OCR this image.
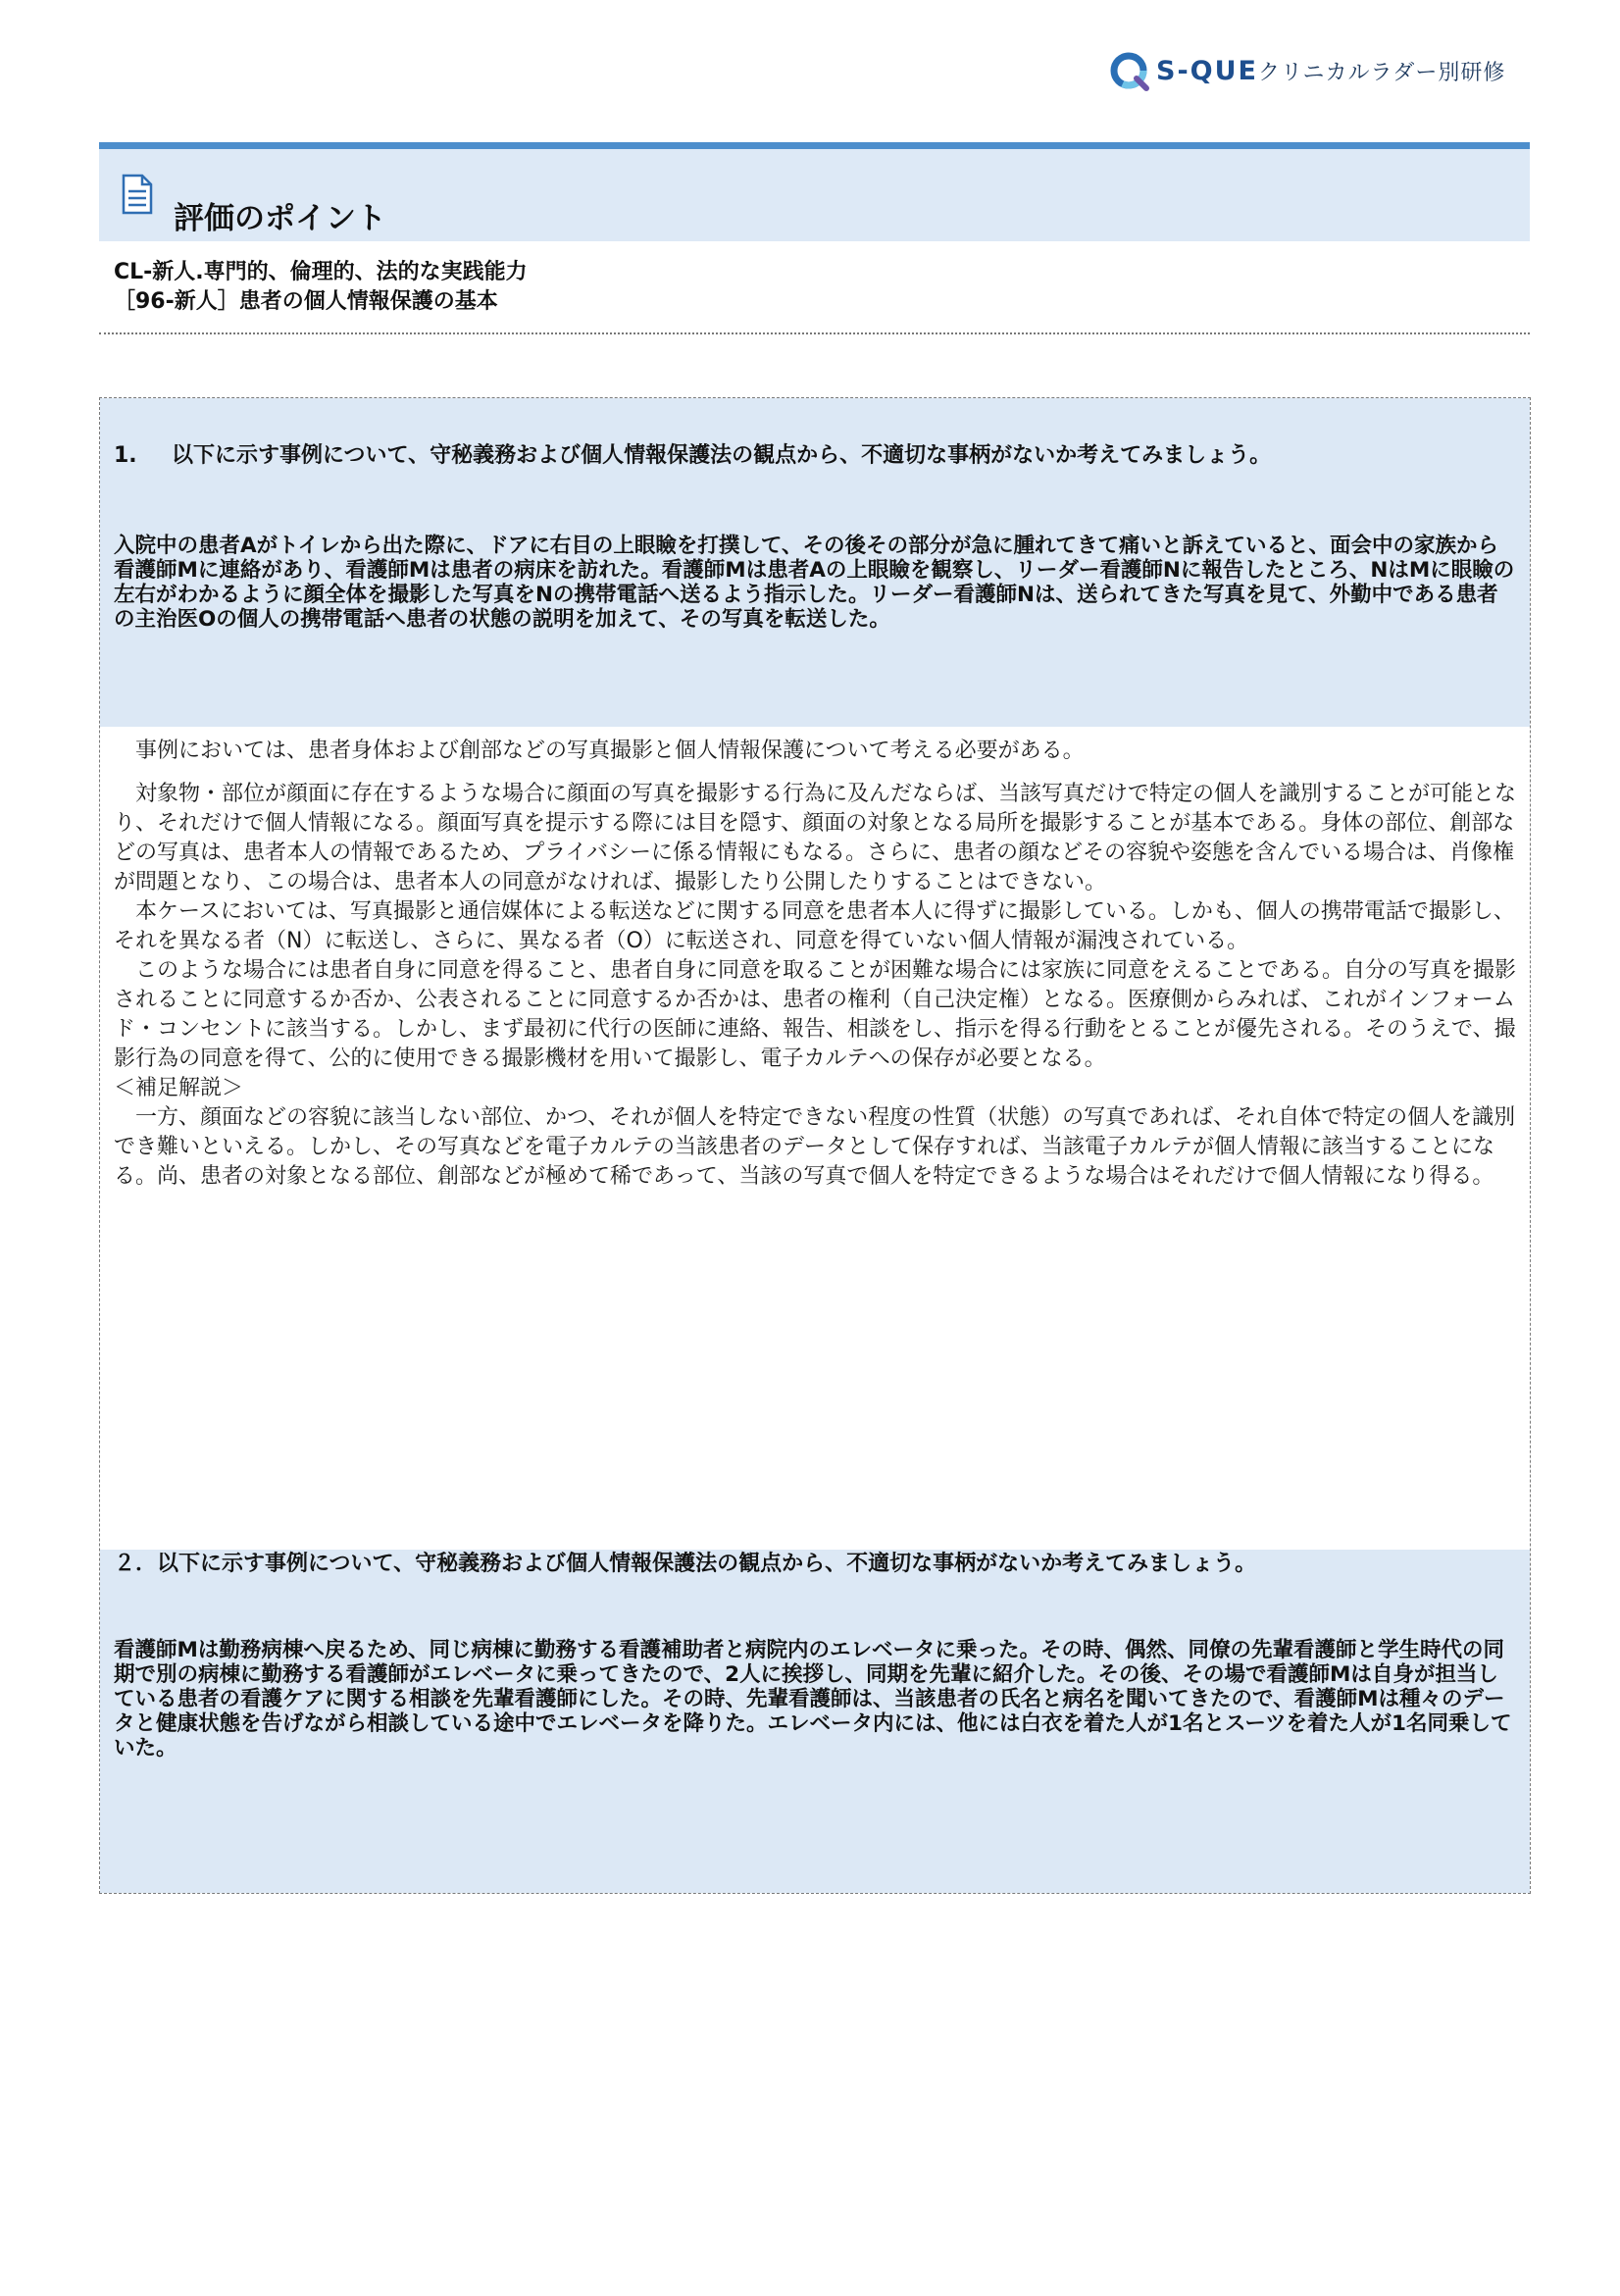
S-QUEクリニカルラダー別研修
評価のポイント
CL-新人.専門的、倫理的、法的な実践能力
［96-新人］患者の個人情報保護の基本
1. 以下に示す事例について、守秘義務および個人情報保護法の観点から、不適切な事柄がないか考えてみましょう。
入院中の患者Aがトイレから出た際に、ドアに右目の上眼瞼を打撲して、その後その部分が急に腫れてきて痛いと訴えていると、面会中の家族から看護師Mに連絡があり、看護師Mは患者の病床を訪れた。看護師Mは患者Aの上眼瞼を観察し、リーダー看護師Nに報告したところ、NはMに眼瞼の左右がわかるように顔全体を撮影した写真をNの携帯電話へ送るよう指示した。リーダー看護師Nは、送られてきた写真を見て、外勤中である患者の主治医Oの個人の携帯電話へ患者の状態の説明を加えて、その写真を転送した。

事例においては、患者身体および創部などの写真撮影と個人情報保護について考える必要がある。

対象物・部位が顔面に存在するような場合に顔面の写真を撮影する行為に及んだならば、当該写真だけで特定の個人を識別することが可能となり、それだけで個人情報になる。顔面写真を提示する際には目を隠す、顔面の対象となる局所を撮影することが基本である。身体の部位、創部などの写真は、患者本人の情報であるため、プライバシーに係る情報にもなる。さらに、患者の顔などその容貌や姿態を含んでいる場合は、肖像権が問題となり、この場合は、患者本人の同意がなければ、撮影したり公開したりすることはできない。

本ケースにおいては、写真撮影と通信媒体による転送などに関する同意を患者本人に得ずに撮影している。しかも、個人の携帯電話で撮影し、それを異なる者（N）に転送し、さらに、異なる者（O）に転送され、同意を得ていない個人情報が漏洩されている。

このような場合には患者自身に同意を得ること、患者自身に同意を取ることが困難な場合には家族に同意をえることである。自分の写真を撮影されることに同意するか否か、公表されることに同意するか否かは、患者の権利（自己決定権）となる。医療側からみれば、これがインフォームド・コンセントに該当する。しかし、まず最初に代行の医師に連絡、報告、相談をし、指示を得る行動をとることが優先される。そのうえで、撮影行為の同意を得て、公的に使用できる撮影機材を用いて撮影し、電子カルテへの保存が必要となる。

＜補足解説＞

一方、顔面などの容貌に該当しない部位、かつ、それが個人を特定できない程度の性質（状態）の写真であれば、それ自体で特定の個人を識別でき難いといえる。しかし、その写真などを電子カルテの当該患者のデータとして保存すれば、当該電子カルテが個人情報に該当することになる。尚、患者の対象となる部位、創部などが極めて稀であって、当該の写真で個人を特定できるような場合はそれだけで個人情報になり得る。

２．以下に示す事例について、守秘義務および個人情報保護法の観点から、不適切な事柄がないか考えてみましょう。
看護師Mは勤務病棟へ戻るため、同じ病棟に勤務する看護補助者と病院内のエレベータに乗った。その時、偶然、同僚の先輩看護師と学生時代の同期で別の病棟に勤務する看護師がエレベータに乗ってきたので、2人に挨拶し、同期を先輩に紹介した。その後、その場で看護師Mは自身が担当している患者の看護ケアに関する相談を先輩看護師にした。その時、先輩看護師は、当該患者の氏名と病名を聞いてきたので、看護師Mは種々のデータと健康状態を告げながら相談している途中でエレベータを降りた。エレベータ内には、他には白衣を着た人が1名とスーツを着た人が1名同乗していた。
